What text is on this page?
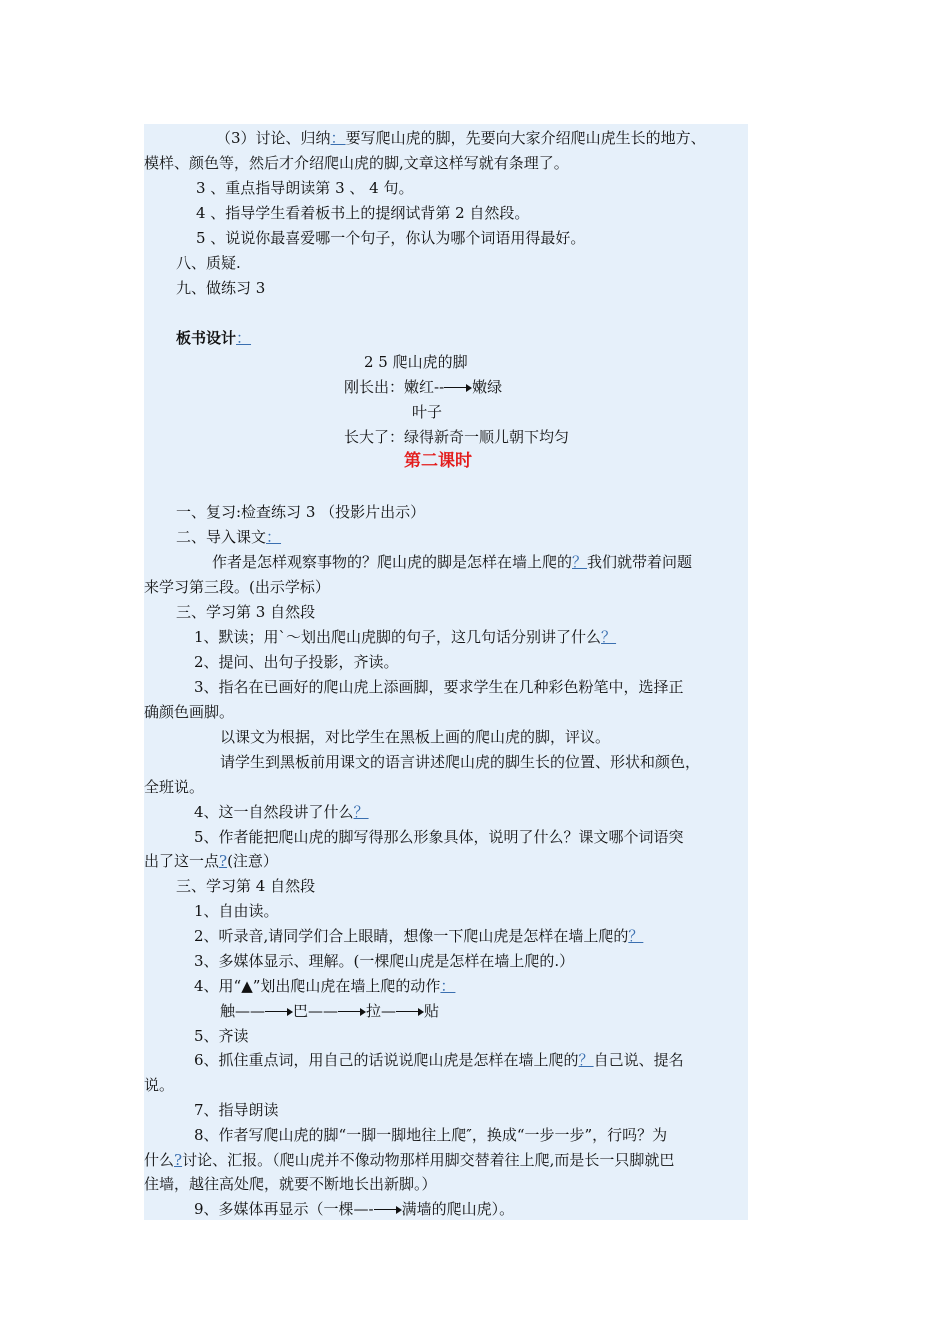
（3）讨论、归纳：要写爬山虎的脚，先要向大家介绍爬山虎生长的地方、
模样、颜色等，然后才介绍爬山虎的脚,文章这样写就有条理了。
3 、重点指导朗读第 3 、 4 句。
4 、指导学生看着板书上的提纲试背第 2 自然段。
5 、说说你最喜爱哪一个句子，你认为哪个词语用得最好。
八、质疑.
九、做练习 3
板书设计：
2 5 爬山虎的脚
刚长出：嫩红-- 嫩绿
叶子
长大了：绿得新奇一顺儿朝下均匀
第二课时
一、复习:检查练习 3 （投影片出示）
二、导入课文：
作者是怎样观察事物的？爬山虎的脚是怎样在墙上爬的？我们就带着问题
来学习第三段。(出示学标）
三、学习第 3 自然段
1、默读；用`～划出爬山虎脚的句子，这几句话分别讲了什么？
2、提问、出句子投影，齐读。
3、指名在已画好的爬山虎上添画脚，要求学生在几种彩色粉笔中，选择正
确颜色画脚。
以课文为根据，对比学生在黑板上画的爬山虎的脚，评议。
请学生到黑板前用课文的语言讲述爬山虎的脚生长的位置、形状和颜色，
全班说。
4、这一自然段讲了什么？
5、作者能把爬山虎的脚写得那么形象具体，说明了什么？课文哪个词语突
出了这一点?(注意）
三、学习第 4 自然段
1、自由读。
2、听录音,请同学们合上眼睛，想像一下爬山虎是怎样在墙上爬的？
3、多媒体显示、理解。(一棵爬山虎是怎样在墙上爬的.）
4、用“▲”划出爬山虎在墙上爬的动作：
触—— 巴—— 拉— 贴
5、齐读
6、抓住重点词，用自己的话说说爬山虎是怎样在墙上爬的？自己说、提名
说。
7、指导朗读
8、作者写爬山虎的脚“一脚一脚地往上爬″，换成“一步一步”，行吗？为
什么?讨论、汇报。（爬山虎并不像动物那样用脚交替着往上爬,而是长一只脚就巴
住墙，越往高处爬，就要不断地长出新脚。）
9、多媒体再显示（一棵—- 满墙的爬山虎）。
